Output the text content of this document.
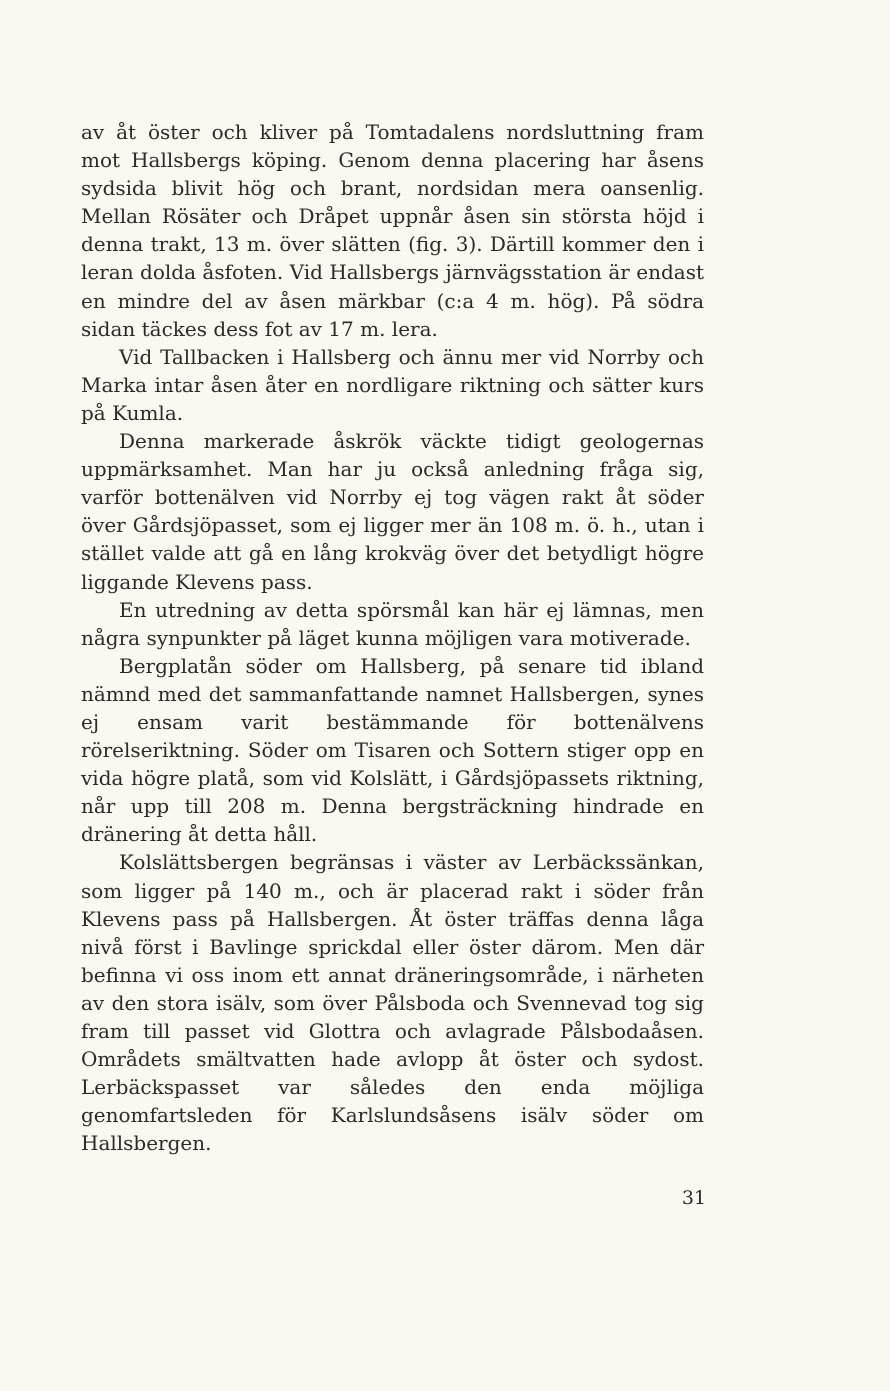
av åt öster och kliver på Tomtadalens nordsluttning fram mot Hallsbergs köping. Genom denna placering har åsens sydsida blivit hög och brant, nordsidan mera oansenlig. Mellan Rösäter och Dråpet uppnår åsen sin största höjd i denna trakt, 13 m. över slätten (fig. 3). Därtill kommer den i leran dolda åsfoten. Vid Hallsbergs järnvägsstation är endast en mindre del av åsen märkbar (c:a 4 m. hög). På södra sidan täckes dess fot av 17 m. lera.

Vid Tallbacken i Hallsberg och ännu mer vid Norrby och Marka intar åsen åter en nordligare riktning och sätter kurs på Kumla.

Denna markerade åskrök väckte tidigt geologernas uppmärksamhet. Man har ju också anledning fråga sig, varför bottenälven vid Norrby ej tog vägen rakt åt söder över Gårdsjöpasset, som ej ligger mer än 108 m. ö. h., utan i stället valde att gå en lång krokväg över det betydligt högre liggande Klevens pass.

En utredning av detta spörsmål kan här ej lämnas, men några synpunkter på läget kunna möjligen vara motiverade.

Bergplatån söder om Hallsberg, på senare tid ibland nämnd med det sammanfattande namnet Hallsbergen, synes ej ensam varit bestämmande för bottenälvens rörelseriktning. Söder om Tisaren och Sottern stiger opp en vida högre platå, som vid Kolslätt, i Gårdsjöpassets riktning, når upp till 208 m. Denna bergsträckning hindrade en dränering åt detta håll.

Kolslättsbergen begränsas i väster av Lerbäckssänkan, som ligger på 140 m., och är placerad rakt i söder från Klevens pass på Hallsbergen. Åt öster träffas denna låga nivå först i Bavlinge sprickdal eller öster därom. Men där befinna vi oss inom ett annat dräneringsområde, i närheten av den stora isälv, som över Pålsboda och Svennevad tog sig fram till passet vid Glottra och avlagrade Pålsbodaåsen. Områdets smältvatten hade avlopp åt öster och sydost. Lerbäckspasset var således den enda möjliga genomfartsleden för Karlslundsåsens isälv söder om Hallsbergen.

31
